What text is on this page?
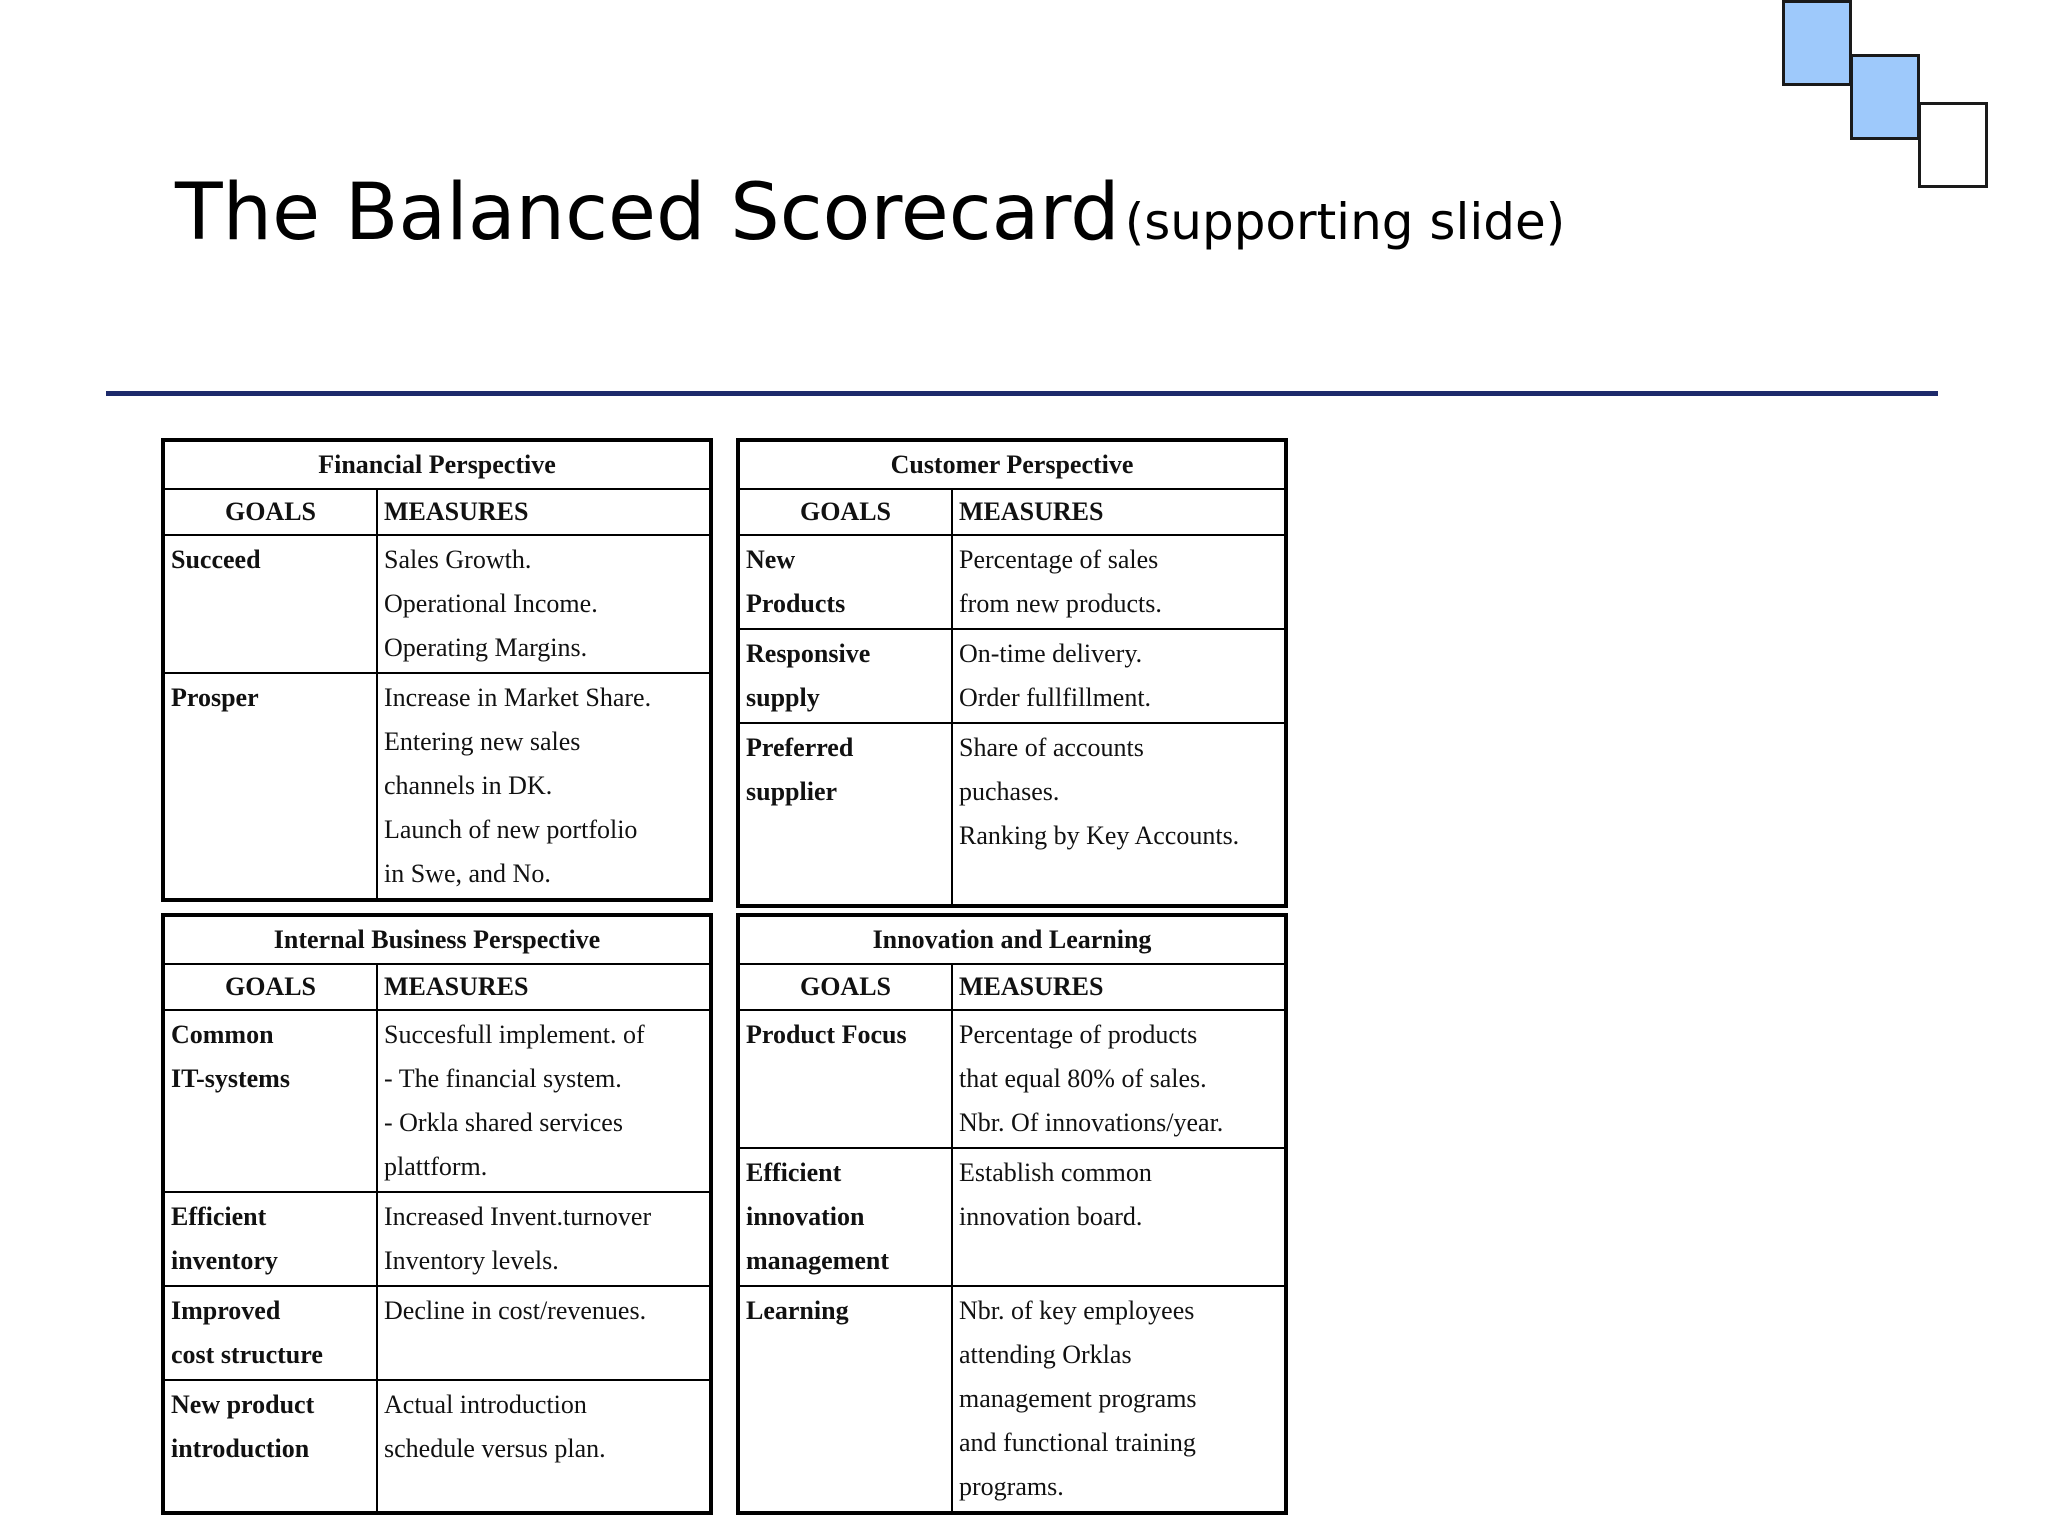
The Balanced Scorecard (supporting slide)
Financial Perspective	
GOALS	MEASURES

Succeed	Sales Growth.
Operational Income.
Operating Margins.

Prosper	Increase in Market Share.
Entering new sales
channels in DK.
Launch of new portfolio
in Swe, and No.
Customer Perspective	
GOALS	MEASURES

New
Products	Percentage of sales
from new products.

Responsive
supply	On-time delivery.
Order fullfillment.

Preferred
supplier	Share of accounts
puchases.
Ranking by Key Accounts.
Internal Business Perspective	
GOALS	MEASURES

Common
IT-systems	Succesfull implement. of
- The financial system.
- Orkla shared services
plattform.

Efficient
inventory	Increased Invent.turnover
Inventory levels.

Improved
cost structure	Decline in cost/revenues.

New product
introduction	Actual introduction
schedule versus plan.
Innovation and Learning	
GOALS	MEASURES

Product Focus	Percentage of products
that equal 80% of sales.
Nbr. Of innovations/year.

Efficient
innovation
management	Establish common
innovation board.

Learning	Nbr. of key employees
attending Orklas
management programs
and functional training
programs.
